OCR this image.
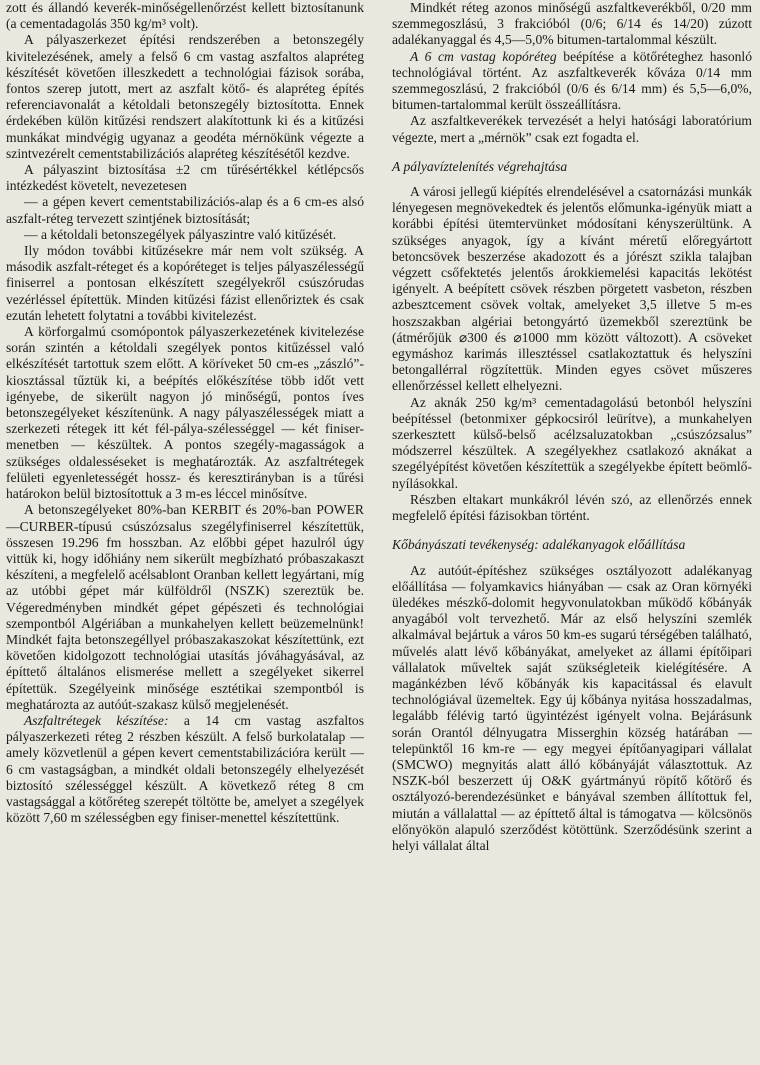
zott és állandó keverék-minőségellenőrzést kellett biztosítanunk (a cementadagolás 350 kg/m³ volt).

A pályaszerkezet építési rendszerében a betonszegély kivitelezésének, amely a felső 6 cm vastag aszfaltos alapréteg készítését követően illeszkedett a technológiai fázisok sorába, fontos szerep jutott, mert az aszfalt kötő- és alapréteg építés referenciavonalát a kétoldali betonszegély biztosította. Ennek érdekében külön kitűzési rendszert alakítottunk ki és a kitűzési munkákat mindvégig ugyanaz a geodéta mérnökünk végezte a szintvezérelt cementstabilizációs alapréteg készítésétől kezdve.

A pályaszint biztosítása ±2 cm tűrésértékkel kétlépcsős intézkedést követelt, nevezetesen

— a gépen kevert cementstabilizációs-alap és a 6 cm-es alsó aszfalt-réteg tervezett szintjének biztosítását;

— a kétoldali betonszegélyek pályaszintre való kitűzését.

Ily módon további kitűzésekre már nem volt szükség. A második aszfalt-réteget és a kopóréteget is teljes pályaszélességű finiserrel a pontosan elkészített szegélyekről csúszórudas vezérléssel építettük. Minden kitűzési fázist ellenőriztek és csak ezután lehetett folytatni a további kivitelezést.

A körforgalmú csomópontok pályaszerkezetének kivitelezése során szintén a kétoldali szegélyek pontos kitűzéssel való elkészítését tartottuk szem előtt. A köríveket 50 cm-es „zászló”-kiosztással tűztük ki, a beépítés előkészítése több időt vett igényebe, de sikerült nagyon jó minőségű, pontos íves betonszegélyeket készítenünk. A nagy pályaszélességek miatt a szerkezeti rétegek itt két fél-pálya-szélességgel — két finiser-menetben — készültek. A pontos szegély-magasságok a szükséges oldalesséseket is meghatározták. Az aszfaltrétegek felületi egyenletességét hossz- és keresztirányban is a tűrési határokon belül biztosítottuk a 3 m-es léccel minősítve.

A betonszegélyeket 80%-ban KERBIT és 20%-ban POWER—CURBER-típusú csúszózsalus szegélyfiniserrel készítettük, összesen 19.296 fm hosszban. Az előbbi gépet hazulról úgy vittük ki, hogy időhiány nem sikerült megbízható próbaszakaszt készíteni, a megfelelő acélsablont Oranban kellett legyártani, míg az utóbbi gépet már külföldről (NSZK) szereztük be. Végeredményben mindkét gépet gépészeti és technológiai szempontból Algériában a munkahelyen kellett beüzemelnünk! Mindkét fajta betonszegéllyel próbaszakaszokat készítettünk, ezt követően kidolgozott technológiai utasítás jóváhagyásával, az építtető általános elismerése mellett a szegélyeket sikerrel építettük. Szegélyeink minősége esztétikai szempontból is meghatározta az autóút-szakasz külső megjelenését.

Aszfaltrétegek készítése: a 14 cm vastag aszfaltos pályaszerkezeti réteg 2 részben készült. A felső burkolatalap — amely közvetlenül a gépen kevert cementstabilizációra került — 6 cm vastagságban, a mindkét oldali betonszegély elhelyezését biztosító szélességgel készült. A következő réteg 8 cm vastagsággal a kötőréteg szerepét töltötte be, amelyet a szegélyek között 7,60 m szélességben egy finiser-menettel készítettünk.

Mindkét réteg azonos minőségű aszfaltkeverékből, 0/20 mm szemmegoszlású, 3 frakcióból (0/6; 6/14 és 14/20) zúzott adalékanyaggal és 4,5—5,0% bitumen-tartalommal készült.

A 6 cm vastag kopóréteg beépítése a kötőréteghez hasonló technológiával történt. Az aszfaltkeverék kőváza 0/14 mm szemmegoszlású, 2 frakcióból (0/6 és 6/14 mm) és 5,5—6,0%, bitumen-tartalommal került összeállításra.

Az aszfaltkeverékek tervezését a helyi hatósági laboratórium végezte, mert a „mérnök” csak ezt fogadta el.

A pályavíztelenítés végrehajtása

A városi jellegű kiépítés elrendelésével a csatornázási munkák lényegesen megnövekedtek és jelentős előmunka-igényük miatt a korábbi építési ütemtervünket módosítani kényszerültünk. A szükséges anyagok, így a kívánt méretű előregyártott betoncsövek beszerzése akadozott és a jórészt szikla talajban végzett csőfektetés jelentős árokkiemelési kapacitás lekötést igényelt. A beépített csövek részben pörgetett vasbeton, részben azbesztcement csövek voltak, amelyeket 3,5 illetve 5 m-es hoszszakban algériai betongyártó üzemekből szereztünk be (átmérőjük ⌀300 és ⌀1000 mm között változott). A csöveket egymáshoz karimás illesztéssel csatlakoztattuk és helyszíni betongallérral rögzítettük. Minden egyes csövet műszeres ellenőrzéssel kellett elhelyezni.

Az aknák 250 kg/m³ cementadagolású betonból helyszíni beépítéssel (betonmixer gépkocsiról leürítve), a munkahelyen szerkesztett külső-belső acélzsaluzatokban „csúszózsalus” módszerrel készültek. A szegélyekhez csatlakozó aknákat a szegélyépítést követően készítettük a szegélyekbe épített beömlő-nyílásokkal.

Részben eltakart munkákról lévén szó, az ellenőrzés ennek megfelelő építési fázisokban történt.

Kőbányászati tevékenység: adalékanyagok előállítása

Az autóút-építéshez szükséges osztályozott adalékanyag előállítása — folyamkavics hiányában — csak az Oran környéki üledékes mészkő-dolomit hegyvonulatokban működő kőbányák anyagából volt tervezhető. Már az első helyszíni szemlék alkalmával bejártuk a város 50 km-es sugarú térségében található, művelés alatt lévő kőbányákat, amelyeket az állami építőipari vállalatok műveltek saját szükségleteik kielégítésére. A magánkézben lévő kőbányák kis kapacitással és elavult technológiával üzemeltek. Egy új kőbánya nyitása hosszadalmas, legalább félévig tartó ügyintézést igényelt volna. Bejárásunk során Orantól délnyugatra Misserghin község határában — telepünktől 16 km-re — egy megyei építőanyagipari vállalat (SMCWO) megnyitás alatt álló kőbányáját választottuk. Az NSZK-ból beszerzett új O&K gyártmányú röpítő kőtörő és osztályozó-berendezésünket e bányával szemben állítottuk fel, miután a vállalattal — az építtető által is támogatva — kölcsönös előnyökön alapuló szerződést kötöttünk. Szerződésünk szerint a helyi vállalat által
